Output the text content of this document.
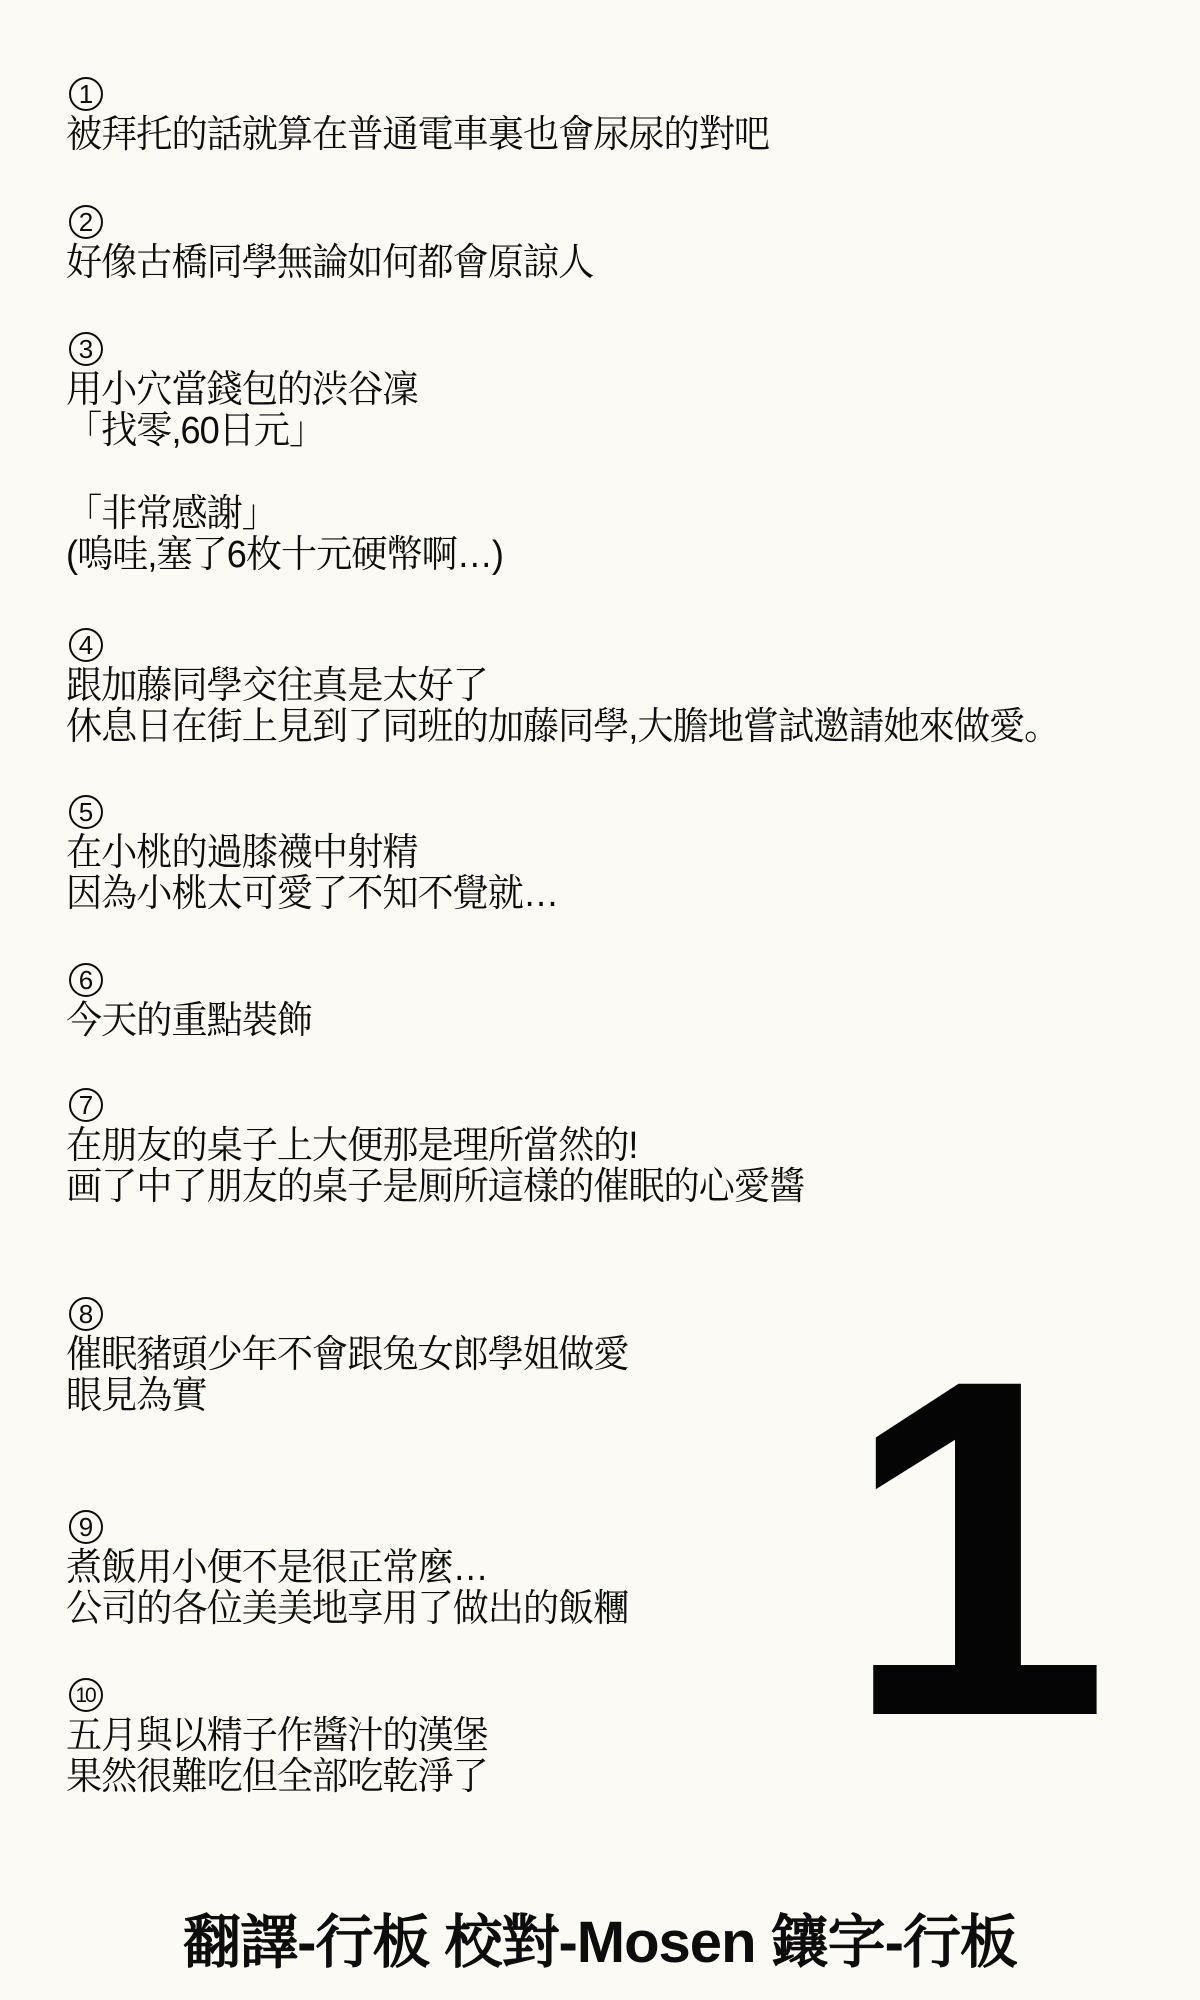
1
被拜托的話就算在普通電車裏也會尿尿的對吧
2
好像古橋同學無論如何都會原諒人
3
用小穴當錢包的渋谷凜
「找零,60日元」
「非常感謝」
(嗚哇,塞了6枚十元硬幣啊…)
4
跟加藤同學交往真是太好了
休息日在街上見到了同班的加藤同學,大膽地嘗試邀請她來做愛。
5
在小桃的過膝襪中射精
因為小桃太可愛了不知不覺就…
6
今天的重點裝飾
7
在朋友的桌子上大便那是理所當然的!
画了中了朋友的桌子是厠所這樣的催眠的心愛醬
8
催眠豬頭少年不會跟兔女郎學姐做愛
眼見為實
9
煮飯用小便不是很正常麼…
公司的各位美美地享用了做出的飯糰
10
五月與以精子作醬汁的漢堡
果然很難吃但全部吃乾淨了 1
翻譯-行板 校對-Mosen 鑲字-行板
